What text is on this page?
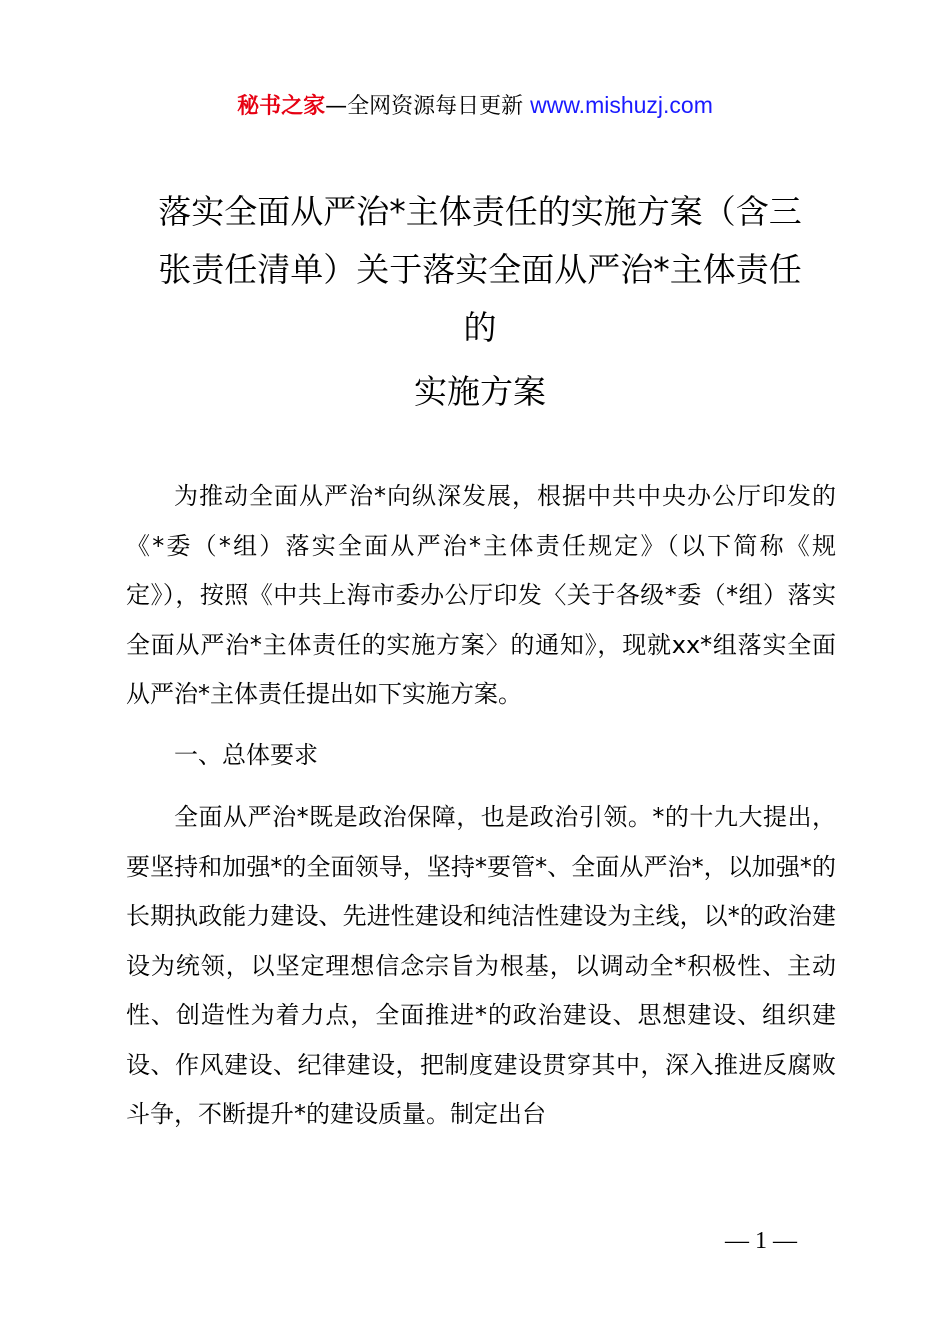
秘书之家—全网资源每日更新 www.mishuzj.com
落实全面从严治*主体责任的实施方案（含三
张责任清单）关于落实全面从严治*主体责任
的
实施方案

为推动全面从严治*向纵深发展，根据中共中央办公厅印发的《*委（*组）落实全面从严治*主体责任规定》（以下简称《规定》），按照《中共上海市委办公厅印发〈关于各级*委（*组）落实全面从严治*主体责任的实施方案〉的通知》，现就xx*组落实全面从严治*主体责任提出如下实施方案。

一、总体要求

全面从严治*既是政治保障，也是政治引领。*的十九大提出，要坚持和加强*的全面领导，坚持*要管*、全面从严治*，以加强*的长期执政能力建设、先进性建设和纯洁性建设为主线，以*的政治建设为统领，以坚定理想信念宗旨为根基，以调动全*积极性、主动性、创造性为着力点，全面推进*的政治建设、思想建设、组织建设、作风建设、纪律建设，把制度建设贯穿其中，深入推进反腐败斗争，不断提升*的建设质量。制定出台

— 1 —
